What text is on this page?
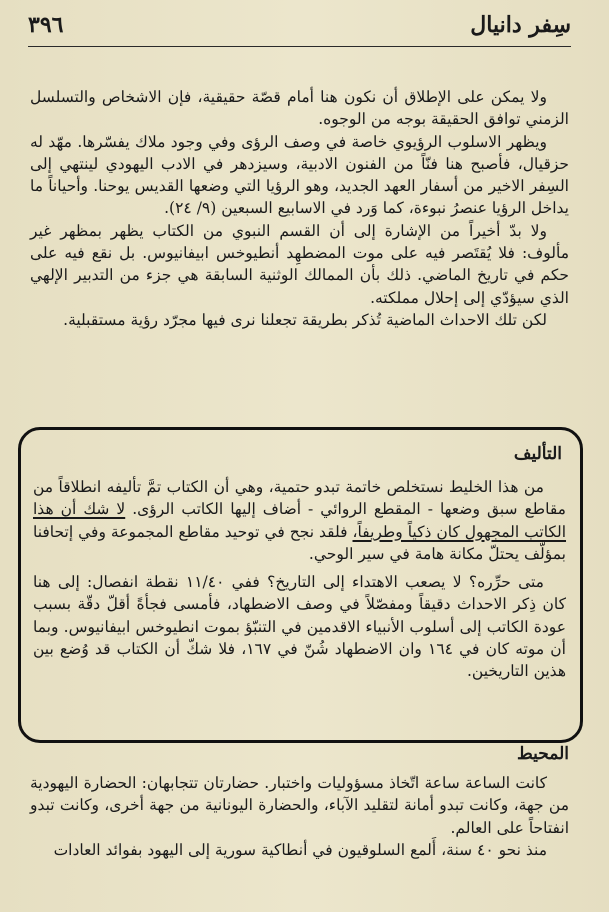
سِفر دانيال
٣٩٦

ولا يمكن على الإطلاق أن نكون هنا أمام قصّة حقيقية، فإن الاشخاص والتسلسل الزمني توافق الحقيقة بوجه من الوجوه.

ويظهر الاسلوب الرؤيوي خاصة في وصف الرؤى وفي وجود ملاك يفسّرها. مهّد له حزقيال، فأصبح هنا فنّاً من الفنون الادبية، وسيزدهر في الادب اليهودي لينتهي إلى السِفر الاخير من أسفار العهد الجديد، وهو الرؤيا التي وضعها القديس يوحنا. وأحياناً ما يداخل الرؤيا عنصرُ نبوءة، كما وَرد في الاسابيع السبعين (٩/ ٢٤).

ولا بدّ أخيراً من الإشارة إلى أن القسم النبوي من الكتاب يظهر بمظهر غير مألوف: فلا يُقتَصر فيه على موت المضطهِد أنطيوخس ابيفانيوس. بل نقع فيه على حكم في تاريخ الماضي. ذلك بأن الممالك الوثنية السابقة هي جزء من التدبير الإلهي الذي سيؤدّي إلى إحلال مملكته.

لكن تلك الاحداث الماضية تُذكر بطريقة تجعلنا نرى فيها مجرّد رؤية مستقبلية.

التأليف

من هذا الخليط نستخلص خاتمة تبدو حتمية، وهي أن الكتاب تمَّ تأليفه انطلاقاً من مقاطع سبق وضعها - المقطع الروائي - أضاف إليها الكاتب الرؤى. لا شك أن هذا الكاتب المجهول كان ذكياً وطريفاً، فلقد نجح في توحيد مقاطع المجموعة وفي إتحافنا بمؤلّف يحتلّ مكانة هامة في سير الوحي.

متى حرِّره؟ لا يصعب الاهتداء إلى التاريخ؟ ففي ١١/٤٠ نقطة انفصال: إلى هنا كان ذِكر الاحداث دقيقاً ومفصّلاً في وصف الاضطهاد، فأمسى فجأةً أقلّ دقّة بسبب عودة الكاتب إلى أسلوب الأنبياء الاقدمين في التنبّؤ بموت انطيوخس ابيفانيوس. وبما أن موته كان في ١٦٤ وان الاضطهاد شُنّ في ١٦٧، فلا شكّ أن الكتاب قد وُضع بين هذين التاريخين.

المحيط

كانت الساعة ساعة اتّخاذ مسؤوليات واختبار. حضارتان تتجابهان: الحضارة اليهودية من جهة، وكانت تبدو أمانة لتقليد الآباء، والحضارة اليونانية من جهة أخرى، وكانت تبدو انفتاحاً على العالم.

منذ نحو ٤٠ سنة، أَلمع السلوقيون في أنطاكية سورية إلى اليهود بفوائد العادات
